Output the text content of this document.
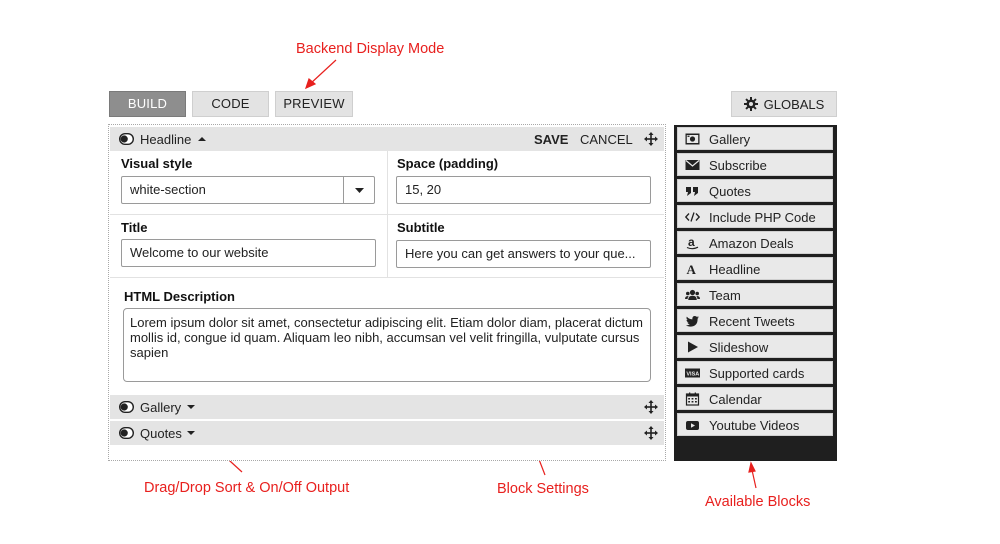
Backend Display Mode
Drag/Drop Sort & On/Off Output	Block Settings
Available Blocks
BUILD	CODE	PREVIEW	GLOBALS
Headline	SAVE CANCEL
Visual style
white-section
Space (padding)
15, 20
Title
Welcome to our website
Subtitle
Here you can get answers to your que...
HTML Description
Lorem ipsum dolor sit amet, consectetur adipiscing elit. Etiam dolor diam, placerat dictum mollis id, congue id quam. Aliquam leo nibh, accumsan vel velit fringilla, vulputate cursus sapien
Gallery
Quotes
Gallery
Subscribe
Quotes
Include PHP Code
a Amazon Deals
A Headline
Team
Recent Tweets
Slideshow
VISA Supported cards
Calendar
Youtube Videos
